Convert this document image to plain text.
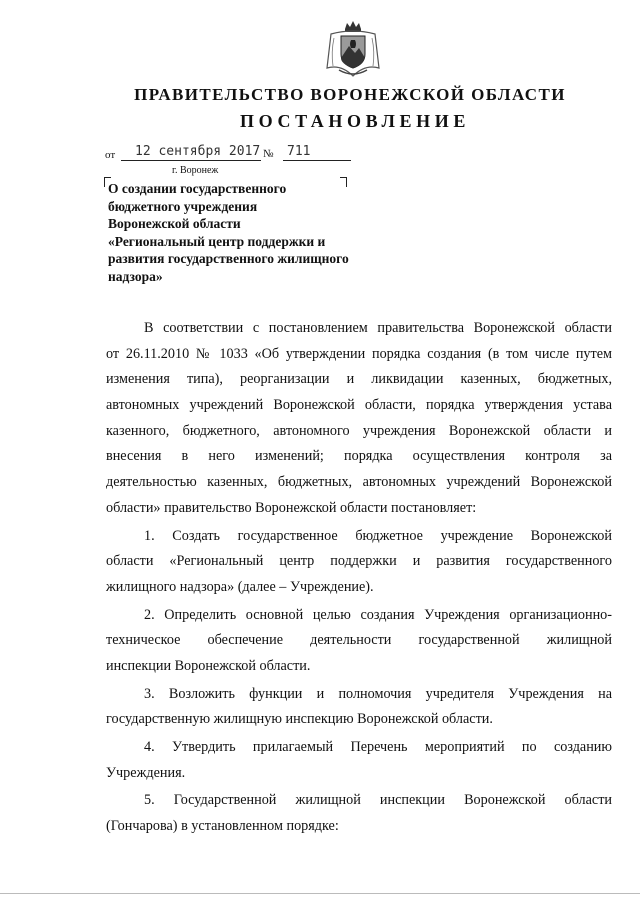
ПРАВИТЕЛЬСТВО ВОРОНЕЖСКОЙ ОБЛАСТИ
ПОСТАНОВЛЕНИЕ
от 12 сентября 2017 № 711
г. Воронеж
О создании государственного
бюджетного учреждения
Воронежской области
«Региональный центр поддержки и
развития государственного жилищного
надзора»
В соответствии с постановлением правительства Воронежской области
от 26.11.2010 № 1033 «Об утверждении порядка создания (в том числе путем
изменения типа), реорганизации и ликвидации казенных, бюджетных,
автономных учреждений Воронежской области, порядка утверждения устава
казенного, бюджетного, автономного учреждения Воронежской области и
внесения в него изменений; порядка осуществления контроля за
деятельностью казенных, бюджетных, автономных учреждений Воронежской
области» правительство Воронежской области постановляет:
1. Создать государственное бюджетное учреждение Воронежской
области «Региональный центр поддержки и развития государственного
жилищного надзора» (далее – Учреждение).
2. Определить основной целью создания Учреждения организационно-
техническое обеспечение деятельности государственной жилищной
инспекции Воронежской области.
3. Возложить функции и полномочия учредителя Учреждения на
государственную жилищную инспекцию Воронежской области.
4. Утвердить прилагаемый Перечень мероприятий по созданию
Учреждения.
5. Государственной жилищной инспекции Воронежской области
(Гончарова) в установленном порядке:
